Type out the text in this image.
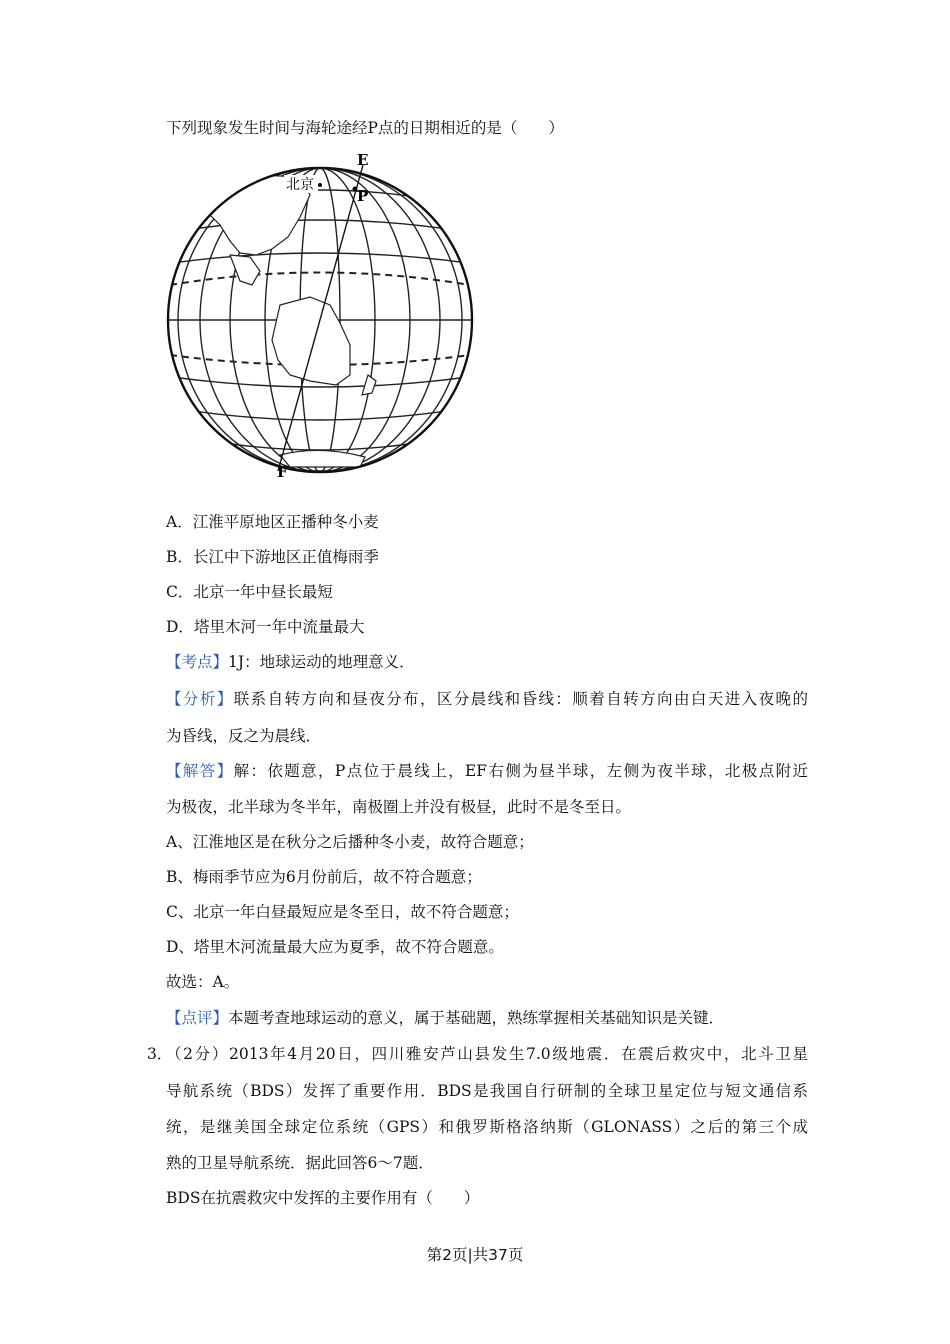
下列现象发生时间与海轮途经P点的日期相近的是（　　）
E
P
F
北京
A．江淮平原地区正播种冬小麦
B．长江中下游地区正值梅雨季
C．北京一年中昼长最短
D．塔里木河一年中流量最大
【考点】1J：地球运动的地理意义．
【分析】联系自转方向和昼夜分布，区分晨线和昏线：顺着自转方向由白天进入夜晚的
为昏线，反之为晨线．
【解答】解：依题意，P点位于晨线上，EF右侧为昼半球，左侧为夜半球，北极点附近
为极夜，北半球为冬半年，南极圈上并没有极昼，此时不是冬至日。
A、江淮地区是在秋分之后播种冬小麦，故符合题意；
B、梅雨季节应为6月份前后，故不符合题意；
C、北京一年白昼最短应是冬至日，故不符合题意；
D、塔里木河流量最大应为夏季，故不符合题意。
故选：A。
【点评】本题考查地球运动的意义，属于基础题，熟练掌握相关基础知识是关键．
3．
（2分）2013年4月20日，四川雅安芦山县发生7.0级地震．在震后救灾中，北斗卫星
导航系统（BDS）发挥了重要作用．BDS是我国自行研制的全球卫星定位与短文通信系
统，是继美国全球定位系统（GPS）和俄罗斯格洛纳斯（GLONASS）之后的第三个成
熟的卫星导航系统．据此回答6～7题．
BDS在抗震救灾中发挥的主要作用有（　　）
第2页|共37页
